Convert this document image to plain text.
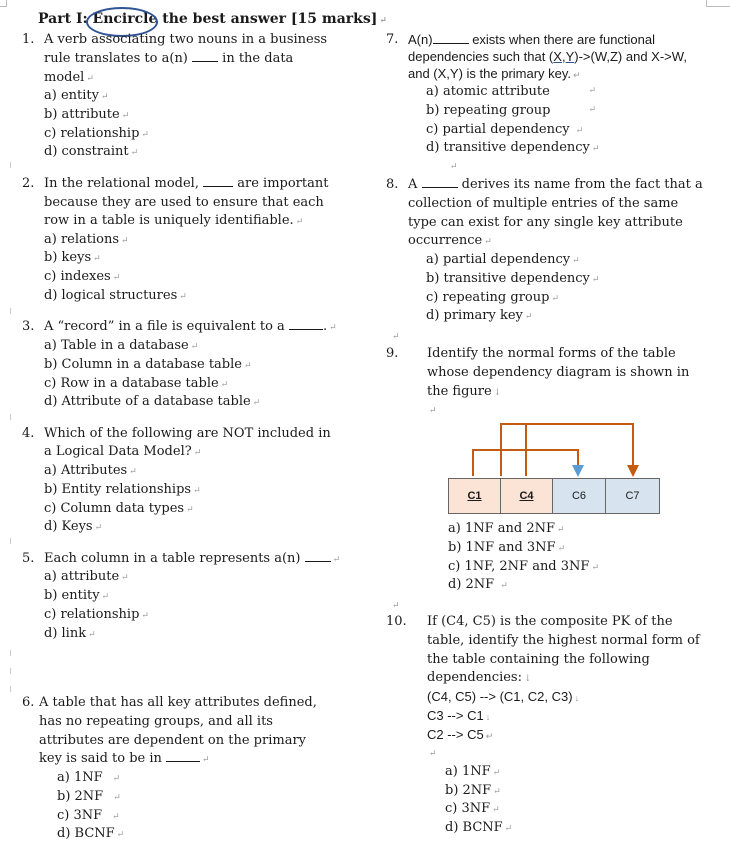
Part I: Encircle the best answer [15 marks] ↵
1. A verb associating two nouns in a business
rule translates to a(n)	in the data
model ↵
a) entity ↵
b) attribute ↵
c) relationship ↵
d) constraint ↵
2. In the relational model,	are important
because they are used to ensure that each
row in a table is uniquely identifiable. ↵
a) relations ↵
b) keys ↵
c) indexes ↵
d) logical structures ↵
3. A “record” in a file is equivalent to a	. ↵
a) Table in a database ↵
b) Column in a database table ↵
c) Row in a database table ↵
d) Attribute of a database table ↵
4. Which of the following are NOT included in
a Logical Data Model? ↵
a) Attributes ↵
b) Entity relationships ↵
c) Column data types ↵
d) Keys ↵
5. Each column in a table represents a(n)	↵
a) attribute ↵
b) entity ↵
c) relationship ↵
d) link ↵
6. A table that has all key attributes defined,
has no repeating groups, and all its
attributes are dependent on the primary
key is said to be in	↵
a) 1NF ↵
b) 2NF ↵
c) 3NF ↵
d) BCNF ↵
7. A(n)	exists when there are functional
dependencies such that (X,Y)->(W,Z) and X->W,
and (X,Y) is the primary key. ↵
a) atomic attribute	↵
b) repeating group	↵
c) partial dependency ↵
d) transitive dependency ↵
↵
8. A	derives its name from the fact that a
collection of multiple entries of the same
type can exist for any single key attribute
occurrence ↵
a) partial dependency ↵
b) transitive dependency ↵
c) repeating group ↵
d) primary key ↵
↵
9. Identify the normal forms of the table
whose dependency diagram is shown in
the figure ↓
↵
C1	C4	C6	C7
a) 1NF and 2NF ↵
b) 1NF and 3NF ↵
c) 1NF, 2NF and 3NF ↵
d) 2NF ↵
↵
10. If (C4, C5) is the composite PK of the
table, identify the highest normal form of
the table containing the following
dependencies: ↓
(C4, C5) --> (C1, C2, C3) ↓
C3 --> C1 ↓
C2 --> C5 ↵
↵
a) 1NF ↵
b) 2NF ↵
c) 3NF ↵
d) BCNF ↵
